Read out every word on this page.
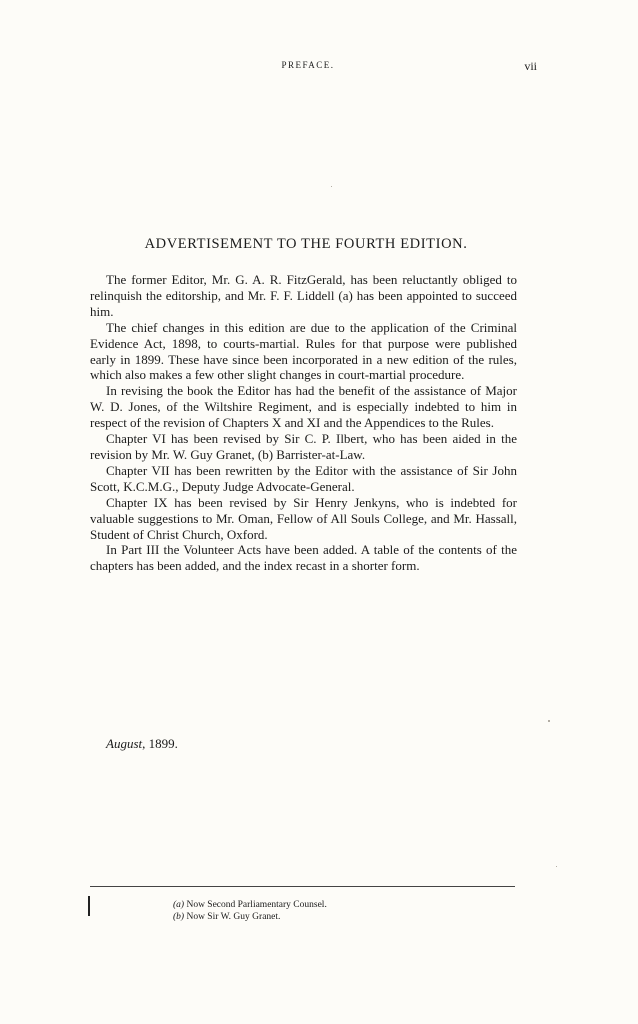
PREFACE.	vii
ADVERTISEMENT TO THE FOURTH EDITION.

The former Editor, Mr. G. A. R. FitzGerald, has been reluctantly obliged to relinquish the editorship, and Mr. F. F. Liddell (a) has been appointed to succeed him.

The chief changes in this edition are due to the application of the Criminal Evidence Act, 1898, to courts-martial. Rules for that purpose were published early in 1899. These have since been incorporated in a new edition of the rules, which also makes a few other slight changes in court-martial procedure.

In revising the book the Editor has had the benefit of the assistance of Major W. D. Jones, of the Wiltshire Regiment, and is especially indebted to him in respect of the revision of Chapters X and XI and the Appendices to the Rules.

Chapter VI has been revised by Sir C. P. Ilbert, who has been aided in the revision by Mr. W. Guy Granet, (b) Barrister-at-Law.

Chapter VII has been rewritten by the Editor with the assistance of Sir John Scott, K.C.M.G., Deputy Judge Advocate-General.

Chapter IX has been revised by Sir Henry Jenkyns, who is indebted for valuable suggestions to Mr. Oman, Fellow of All Souls College, and Mr. Hassall, Student of Christ Church, Oxford.

In Part III the Volunteer Acts have been added. A table of the contents of the chapters has been added, and the index recast in a shorter form.

August, 1899.
(a) Now Second Parliamentary Counsel.
(b) Now Sir W. Guy Granet.
